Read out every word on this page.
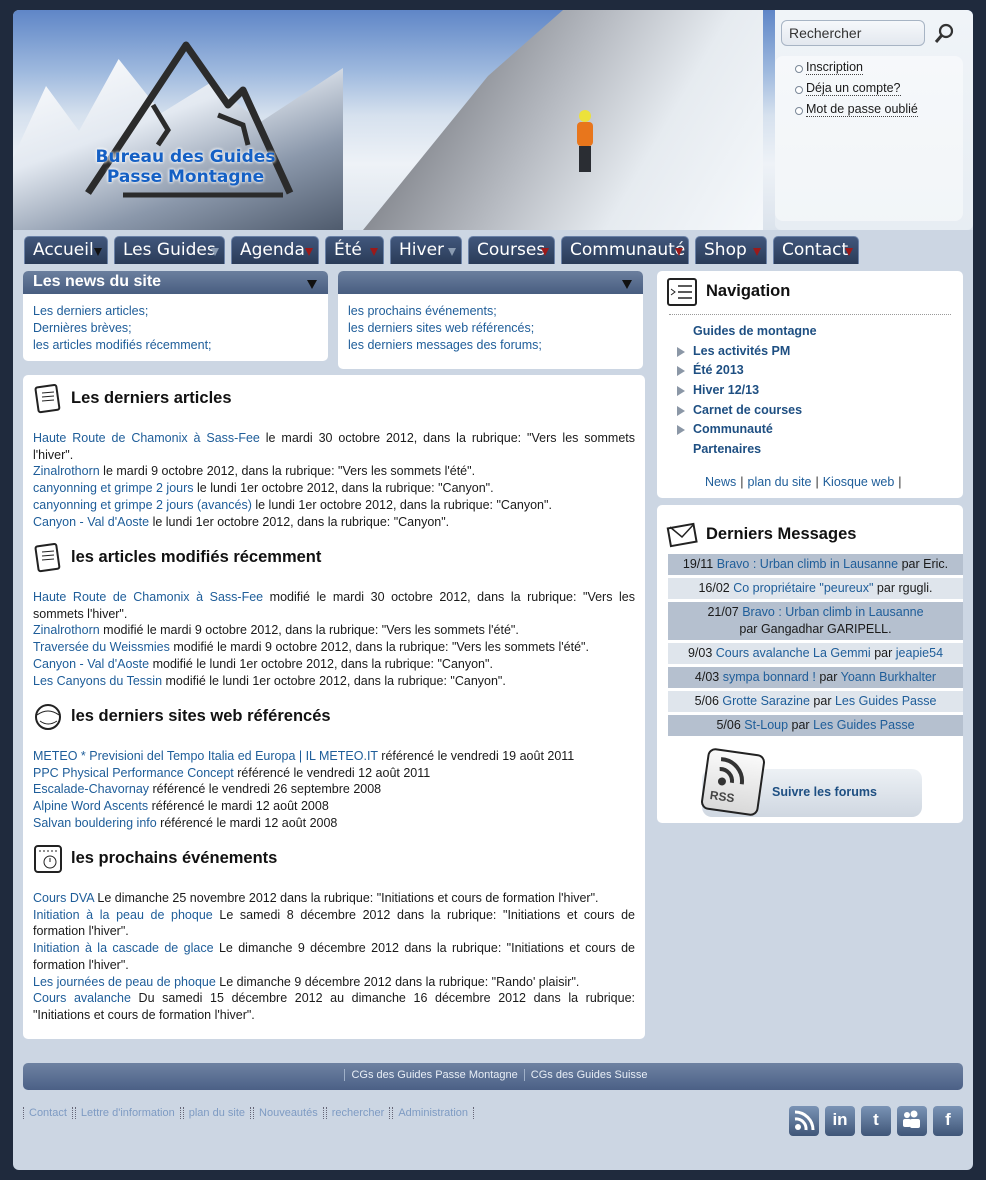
Bureau des Guides
Passe Montagne
Rechercher
Inscription
Déja un compte?
Mot de passe oublié
Accueil	Les Guides	Agenda	Été	Hiver	Courses	Communauté	Shop	Contact
Les news du site
Les derniers articles;
Dernières brèves;
les articles modifiés récemment;
les prochains événements;
les derniers sites web référencés;
les derniers messages des forums;
Les derniers articles

Haute Route de Chamonix à Sass-Fee le mardi 30 octobre 2012, dans la rubrique: "Vers les sommets l'hiver".

Zinalrothorn le mardi 9 octobre 2012, dans la rubrique: "Vers les sommets l'été".

canyonning et grimpe 2 jours le lundi 1er octobre 2012, dans la rubrique: "Canyon".

canyonning et grimpe 2 jours (avancés) le lundi 1er octobre 2012, dans la rubrique: "Canyon".

Canyon - Val d'Aoste le lundi 1er octobre 2012, dans la rubrique: "Canyon".

les articles modifiés récemment

Haute Route de Chamonix à Sass-Fee modifié le mardi 30 octobre 2012, dans la rubrique: "Vers les sommets l'hiver".

Zinalrothorn modifié le mardi 9 octobre 2012, dans la rubrique: "Vers les sommets l'été".

Traversée du Weissmies modifié le mardi 9 octobre 2012, dans la rubrique: "Vers les sommets l'été".

Canyon - Val d'Aoste modifié le lundi 1er octobre 2012, dans la rubrique: "Canyon".

Les Canyons du Tessin modifié le lundi 1er octobre 2012, dans la rubrique: "Canyon".

les derniers sites web référencés

METEO * Previsioni del Tempo Italia ed Europa | IL METEO.IT référencé le vendredi 19 août 2011

PPC Physical Performance Concept référencé le vendredi 12 août 2011

Escalade-Chavornay référencé le vendredi 26 septembre 2008

Alpine Word Ascents référencé le mardi 12 août 2008

Salvan bouldering info référencé le mardi 12 août 2008

les prochains événements

Cours DVA Le dimanche 25 novembre 2012 dans la rubrique: "Initiations et cours de formation l'hiver".

Initiation à la peau de phoque Le samedi 8 décembre 2012 dans la rubrique: "Initiations et cours de formation l'hiver".

Initiation à la cascade de glace Le dimanche 9 décembre 2012 dans la rubrique: "Initiations et cours de formation l'hiver".

Les journées de peau de phoque Le dimanche 9 décembre 2012 dans la rubrique: "Rando' plaisir".

Cours avalanche Du samedi 15 décembre 2012 au dimanche 16 décembre 2012 dans la rubrique: "Initiations et cours de formation l'hiver".

Navigation
Guides de montagne
Les activités PM
Été 2013
Hiver 12/13
Carnet de courses
Communauté
Partenaires
News | plan du site | Kiosque web |
Derniers Messages
19/11 Bravo : Urban climb in Lausanne par Eric.
16/02 Co propriétaire "peureux" par rgugli.
21/07 Bravo : Urban climb in Lausanne
par Gangadhar GARIPELL.
9/03 Cours avalanche La Gemmi par jeapie54
4/03 sympa bonnard ! par Yoann Burkhalter
5/06 Grotte Sarazine par Les Guides Passe
5/06 St-Loup par Les Guides Passe
RSS	Suivre les forums
CGs des Guides Passe Montagne CGs des Guides Suisse
Contact Lettre d'information plan du site Nouveautés rechercher Administration	in	t	f
